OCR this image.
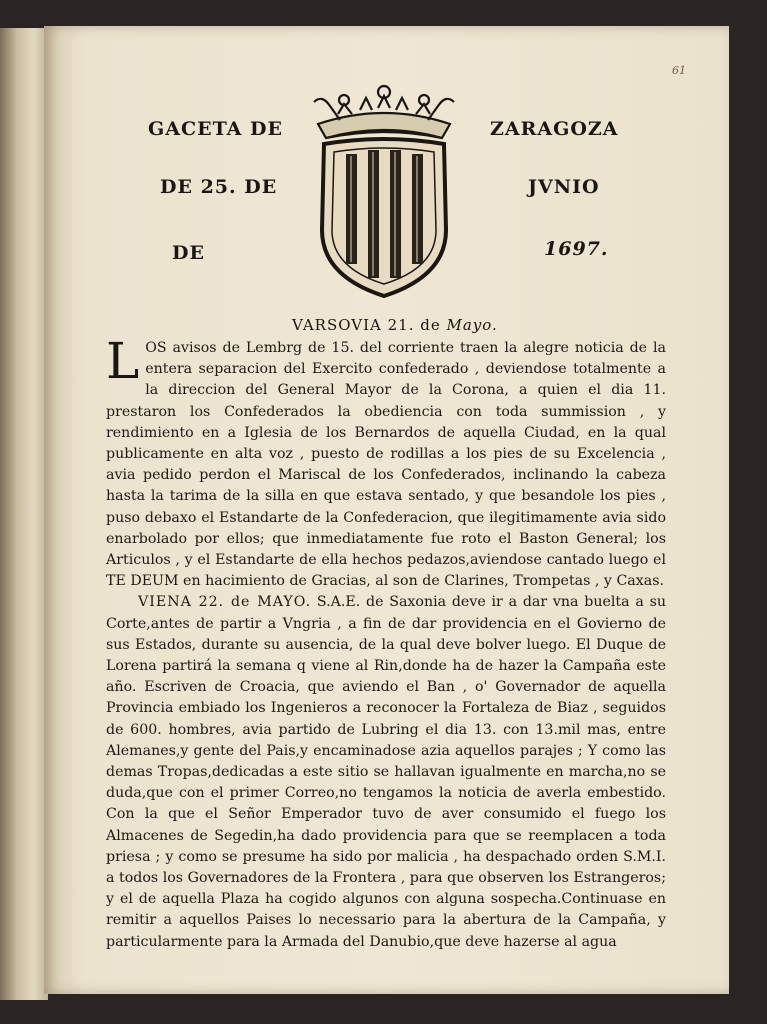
61
GACETA DE	ZARAGOZA
DE 25. DE	JVNIO
DE	1697.
VARSOVIA 21. de Mayo.

LOS avisos de Lembrg de 15. del corriente traen la alegre noticia de la entera separacion del Exercito confederado , deviendose totalmente a la direccion del General Mayor de la Corona, a quien el dia 11. prestaron los Confederados la obediencia con toda summission , y rendimiento en a Iglesia de los Bernardos de aquella Ciudad, en la qual publicamente en alta voz , puesto de rodillas a los pies de su Excelencia , avia pedido perdon el Mariscal de los Confederados, inclinando la cabeza hasta la tarima de la silla en que estava sentado, y que besandole los pies , puso debaxo el Estandarte de la Confederacion, que ilegitimamente avia sido enarbolado por ellos; que inmediatamente fue roto el Baston General; los Articulos , y el Estandarte de ella hechos pedazos,aviendose cantado luego el TE DEUM en hacimiento de Gracias, al son de Clarines, Trompetas , y Caxas.

VIENA 22. de MAYO. S.A.E. de Saxonia deve ir a dar vna buelta a su Corte,antes de partir a Vngria , a fin de dar providencia en el Govierno de sus Estados, durante su ausencia, de la qual deve bolver luego. El Duque de Lorena partirá la semana q viene al Rin,donde ha de hazer la Campaña este año. Escriven de Croacia, que aviendo el Ban , o' Governador de aquella Provincia embiado los Ingenieros a reconocer la Fortaleza de Biaz , seguidos de 600. hombres, avia partido de Lubring el dia 13. con 13.mil mas, entre Alemanes,y gente del Pais,y encaminadose azia aquellos parajes ; Y como las demas Tropas,dedicadas a este sitio se hallavan igualmente en marcha,no se duda,que con el primer Correo,no tengamos la noticia de averla embestido. Con la que el Señor Emperador tuvo de aver consumido el fuego los Almacenes de Segedin,ha dado providencia para que se reemplacen a toda priesa ; y como se presume ha sido por malicia , ha despachado orden S.M.I. a todos los Governadores de la Frontera , para que observen los Estrangeros; y el de aquella Plaza ha cogido algunos con alguna sospecha.Continuase en remitir a aquellos Paises lo necessario para la abertura de la Campaña, y particularmente para la Armada del Danubio,que deve hazerse al agua
